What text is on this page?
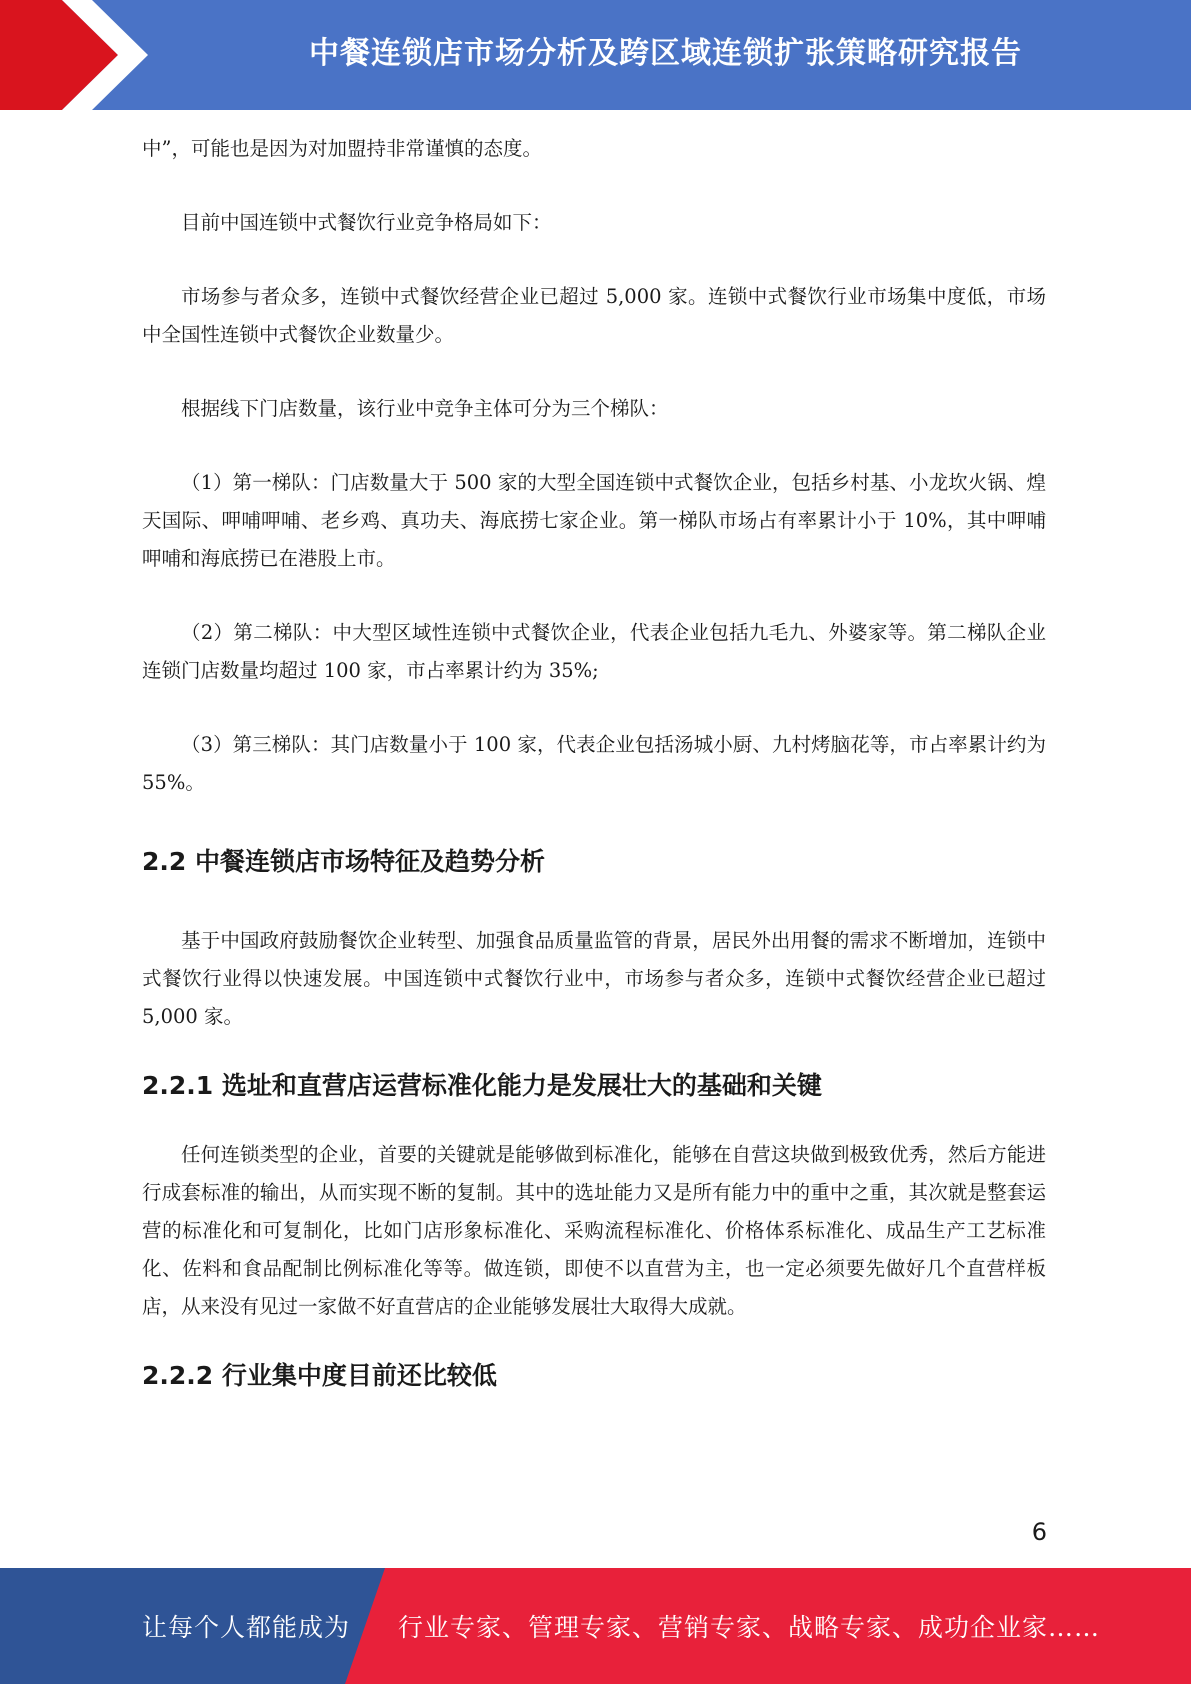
中餐连锁店市场分析及跨区域连锁扩张策略研究报告

中”，可能也是因为对加盟持非常谨慎的态度。

目前中国连锁中式餐饮行业竞争格局如下：

市场参与者众多，连锁中式餐饮经营企业已超过 5,000 家。连锁中式餐饮行业市场集中度低，市场中全国性连锁中式餐饮企业数量少。

根据线下门店数量，该行业中竞争主体可分为三个梯队：

（1）第一梯队：门店数量大于 500 家的大型全国连锁中式餐饮企业，包括乡村基、小龙坎火锅、煌天国际、呷哺呷哺、老乡鸡、真功夫、海底捞七家企业。第一梯队市场占有率累计小于 10%，其中呷哺呷哺和海底捞已在港股上市。

（2）第二梯队：中大型区域性连锁中式餐饮企业，代表企业包括九毛九、外婆家等。第二梯队企业连锁门店数量均超过 100 家，市占率累计约为 35%;

（3）第三梯队：其门店数量小于 100 家，代表企业包括汤城小厨、九村烤脑花等，市占率累计约为 55%。

2.2 中餐连锁店市场特征及趋势分析

基于中国政府鼓励餐饮企业转型、加强食品质量监管的背景，居民外出用餐的需求不断增加，连锁中式餐饮行业得以快速发展。中国连锁中式餐饮行业中，市场参与者众多，连锁中式餐饮经营企业已超过 5,000 家。

2.2.1 选址和直营店运营标准化能力是发展壮大的基础和关键

任何连锁类型的企业，首要的关键就是能够做到标准化，能够在自营这块做到极致优秀，然后方能进行成套标准的输出，从而实现不断的复制。其中的选址能力又是所有能力中的重中之重，其次就是整套运营的标准化和可复制化，比如门店形象标准化、采购流程标准化、价格体系标准化、成品生产工艺标准化、佐料和食品配制比例标准化等等。做连锁，即使不以直营为主，也一定必须要先做好几个直营样板店，从来没有见过一家做不好直营店的企业能够发展壮大取得大成就。

2.2.2 行业集中度目前还比较低
6
让每个人都能成为 行业专家、管理专家、营销专家、战略专家、成功企业家……
